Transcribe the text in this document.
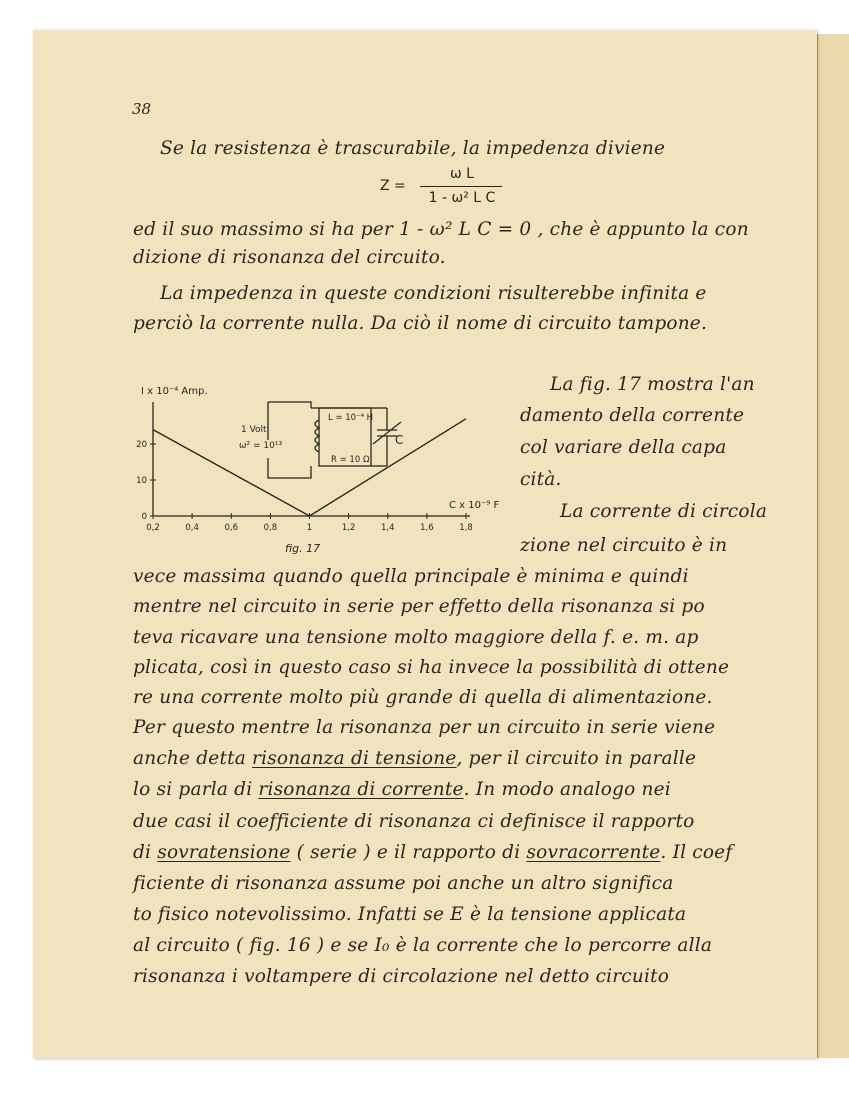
38
Se la resistenza è trascurabile, la impedenza diviene
Z =
ω L
1 - ω² L C
ed il suo massimo si ha per 1 - ω² L C = 0 , che è appunto la con
dizione di risonanza del circuito.
La impedenza in queste condizioni risulterebbe infinita e
perciò la corrente nulla. Da ciò il nome di circuito tampone.
La fig. 17 mostra l'an
damento della corrente
col variare della capa
cità.
La corrente di circola
zione nel circuito è in
0,2	0,4	0,6	0,8	1	1,2	1,4	1,6	1,8
0
10
20
1 Volt
ω² = 10¹³
L = 10⁻⁴ H
R = 10 Ω
C
I x 10⁻⁴ Amp.
C x 10⁻⁹ F
fig. 17
vece massima quando quella principale è minima e quindi
mentre nel circuito in serie per effetto della risonanza si po
teva ricavare una tensione molto maggiore della f. e. m. ap
plicata, così in questo caso si ha invece la possibilità di ottene
re una corrente molto più grande di quella di alimentazione.
Per questo mentre la risonanza per un circuito in serie viene
anche detta risonanza di tensione, per il circuito in paralle
lo si parla di risonanza di corrente. In modo analogo nei
due casi il coefficiente di risonanza ci definisce il rapporto
di sovratensione ( serie ) e il rapporto di sovracorrente. Il coef
ficiente di risonanza assume poi anche un altro significa
to fisico notevolissimo. Infatti se E è la tensione applicata
al circuito ( fig. 16 ) e se I₀ è la corrente che lo percorre alla
risonanza i voltampere di circolazione nel detto circuito
